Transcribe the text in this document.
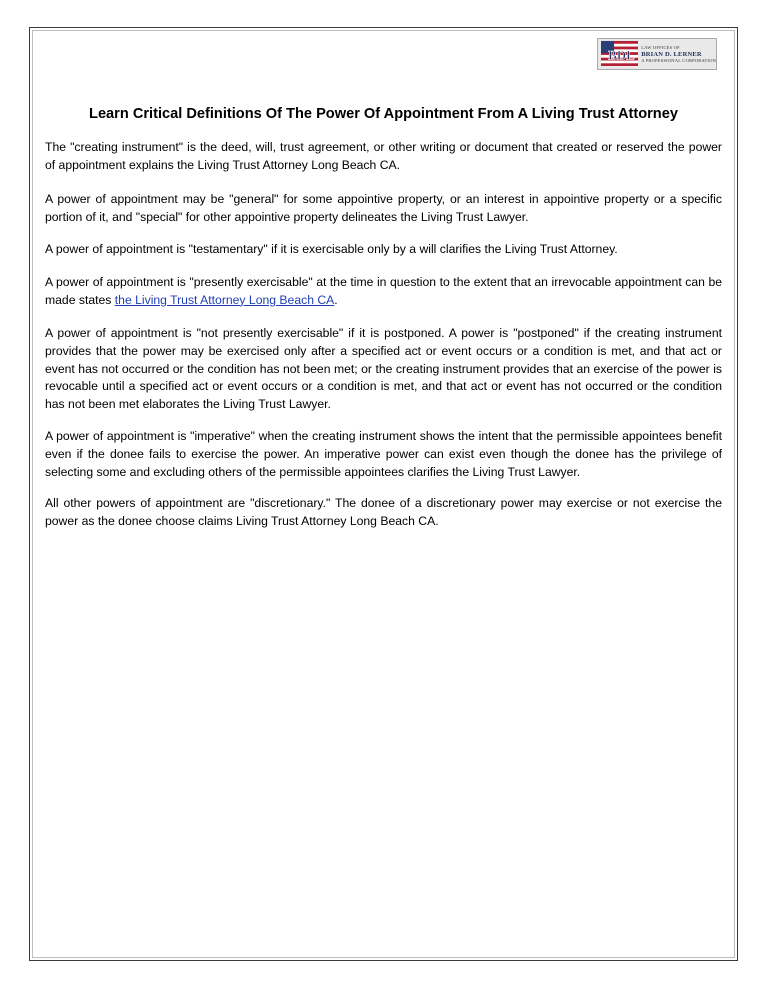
BDL
LAW OFFICES OF
BRIAN D. LERNER
A PROFESSIONAL CORPORATION
Learn Critical Definitions Of The Power Of Appointment From A Living Trust Attorney

The "creating instrument" is the deed, will, trust agreement, or other writing or document that created or reserved the power of appointment explains the Living Trust Attorney Long Beach CA.

A power of appointment may be "general" for some appointive property, or an interest in appointive property or a specific portion of it, and "special" for other appointive property delineates the Living Trust Lawyer.

A power of appointment is "testamentary" if it is exercisable only by a will clarifies the Living Trust Attorney.

A power of appointment is "presently exercisable" at the time in question to the extent that an irrevocable appointment can be made states the Living Trust Attorney Long Beach CA.

A power of appointment is "not presently exercisable" if it is postponed. A power is "postponed" if the creating instrument provides that the power may be exercised only after a specified act or event occurs or a condition is met, and that act or event has not occurred or the condition has not been met; or the creating instrument provides that an exercise of the power is revocable until a specified act or event occurs or a condition is met, and that act or event has not occurred or the condition has not been met elaborates the Living Trust Lawyer.

A power of appointment is "imperative" when the creating instrument shows the intent that the permissible appointees benefit even if the donee fails to exercise the power. An imperative power can exist even though the donee has the privilege of selecting some and excluding others of the permissible appointees clarifies the Living Trust Lawyer.

All other powers of appointment are "discretionary." The donee of a discretionary power may exercise or not exercise the power as the donee choose claims Living Trust Attorney Long Beach CA.
